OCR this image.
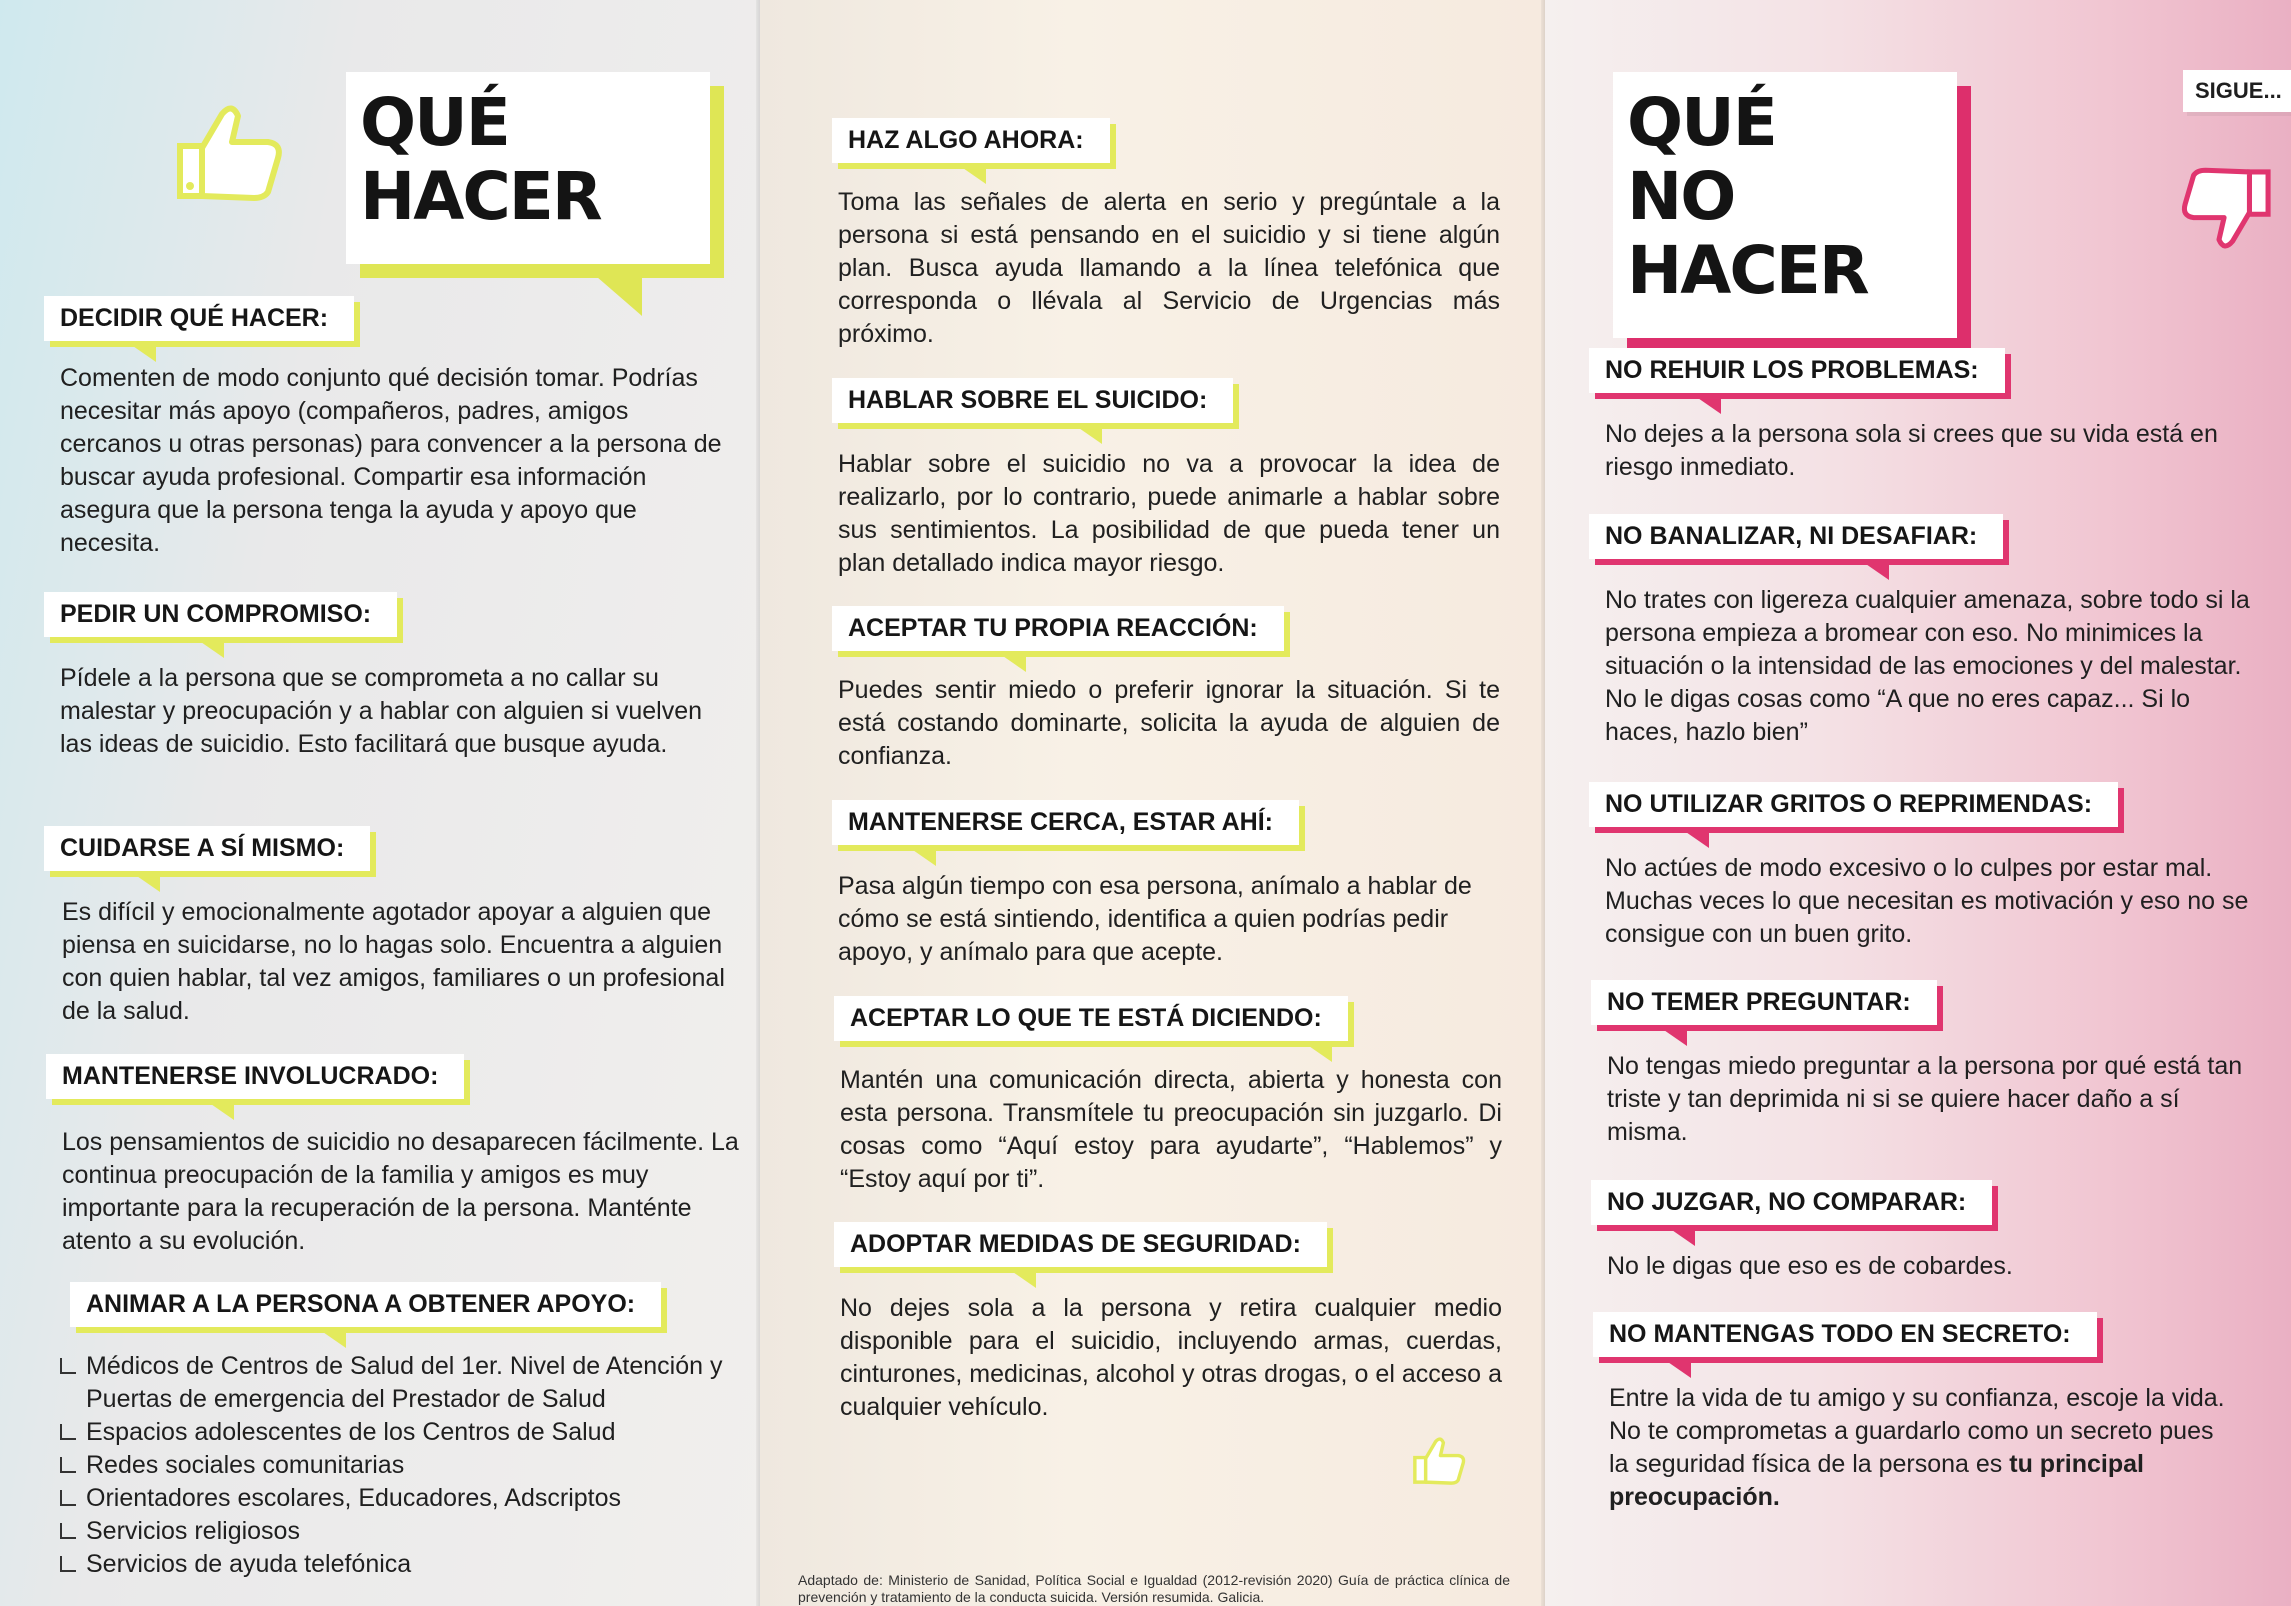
QUÉ
HACER
DECIDIR QUÉ HACER:
Comenten de modo conjunto qué decisión tomar. Podrías necesitar más apoyo (compañeros, padres, amigos cercanos u otras personas) para convencer a la persona de buscar ayuda profesional. Compartir esa información asegura que la persona tenga la ayuda y apoyo que necesita.
PEDIR UN COMPROMISO:
Pídele a la persona que se comprometa a no callar su malestar y preocupación y a hablar con alguien si vuelven las ideas de suicidio. Esto facilitará que busque ayuda.
CUIDARSE A SÍ MISMO:
Es difícil y emocionalmente agotador apoyar a alguien que piensa en suicidarse, no lo hagas solo. Encuentra a alguien con quien hablar, tal vez amigos, familiares o un profesional de la salud.
MANTENERSE INVOLUCRADO:
Los pensamientos de suicidio no desaparecen fácilmente. La continua preocupación de la familia y amigos es muy importante para la recuperación de la persona. Manténte atento a su evolución.
ANIMAR A LA PERSONA A OBTENER APOYO:
Médicos de Centros de Salud del 1er. Nivel de Atención y Puertas de emergencia del Prestador de Salud
Espacios adolescentes de los Centros de Salud
Redes sociales comunitarias
Orientadores escolares, Educadores, Adscriptos
Servicios religiosos
Servicios de ayuda telefónica
HAZ ALGO AHORA:
Toma las señales de alerta en serio y pregúntale a la persona si está pensando en el suicidio y si tiene algún plan. Busca ayuda llamando a la línea telefónica que corresponda o llévala al Servicio de Urgencias más próximo.
HABLAR SOBRE EL SUICIDO:
Hablar sobre el suicidio no va a provocar la idea de realizarlo, por lo contrario, puede animarle a hablar sobre sus sentimientos. La posibilidad de que pueda tener un plan detallado indica mayor riesgo.
ACEPTAR TU PROPIA REACCIÓN:
Puedes sentir miedo o preferir ignorar la situación. Si te está costando dominarte, solicita la ayuda de alguien de confianza.
MANTENERSE CERCA, ESTAR AHÍ:
Pasa algún tiempo con esa persona, anímalo a hablar de cómo se está sintiendo, identifica a quien podrías pedir apoyo, y anímalo para que acepte.
ACEPTAR LO QUE TE ESTÁ DICIENDO:
Mantén una comunicación directa, abierta y honesta con esta persona. Transmítele tu preocupación sin juzgarlo. Di cosas como “Aquí estoy para ayudarte”, “Hablemos” y “Estoy aquí por ti”.
ADOPTAR MEDIDAS DE SEGURIDAD:
No dejes sola a la persona y retira cualquier medio disponible para el suicidio, incluyendo armas, cuerdas, cinturones, medicinas, alcohol y otras drogas, o el acceso a cualquier vehículo.
Adaptado de: Ministerio de Sanidad, Política Social e Igualdad (2012-revisión 2020) Guía de práctica clínica de prevención y tratamiento de la conducta suicida. Versión resumida. Galicia.
QUÉ NO
HACER
NO REHUIR LOS PROBLEMAS:
No dejes a la persona sola si crees que su vida está en riesgo inmediato.
NO BANALIZAR, NI DESAFIAR:
No trates con ligereza cualquier amenaza, sobre todo si la persona empieza a bromear con eso. No minimices la situación o la intensidad de las emociones y del malestar. No le digas cosas como “A que no eres capaz... Si lo haces, hazlo bien”
NO UTILIZAR GRITOS O REPRIMENDAS:
No actúes de modo excesivo o lo culpes por estar mal. Muchas veces lo que necesitan es motivación y eso no se consigue con un buen grito.
NO TEMER PREGUNTAR:
No tengas miedo preguntar a la persona por qué está tan triste y tan deprimida ni si se quiere hacer daño a sí misma.
NO JUZGAR, NO COMPARAR:
No le digas que eso es de cobardes.
NO MANTENGAS TODO EN SECRETO:
Entre la vida de tu amigo y su confianza, escoje la vida. No te comprometas a guardarlo como un secreto pues la seguridad física de la persona es tu principal preocupación.
SIGUE...
